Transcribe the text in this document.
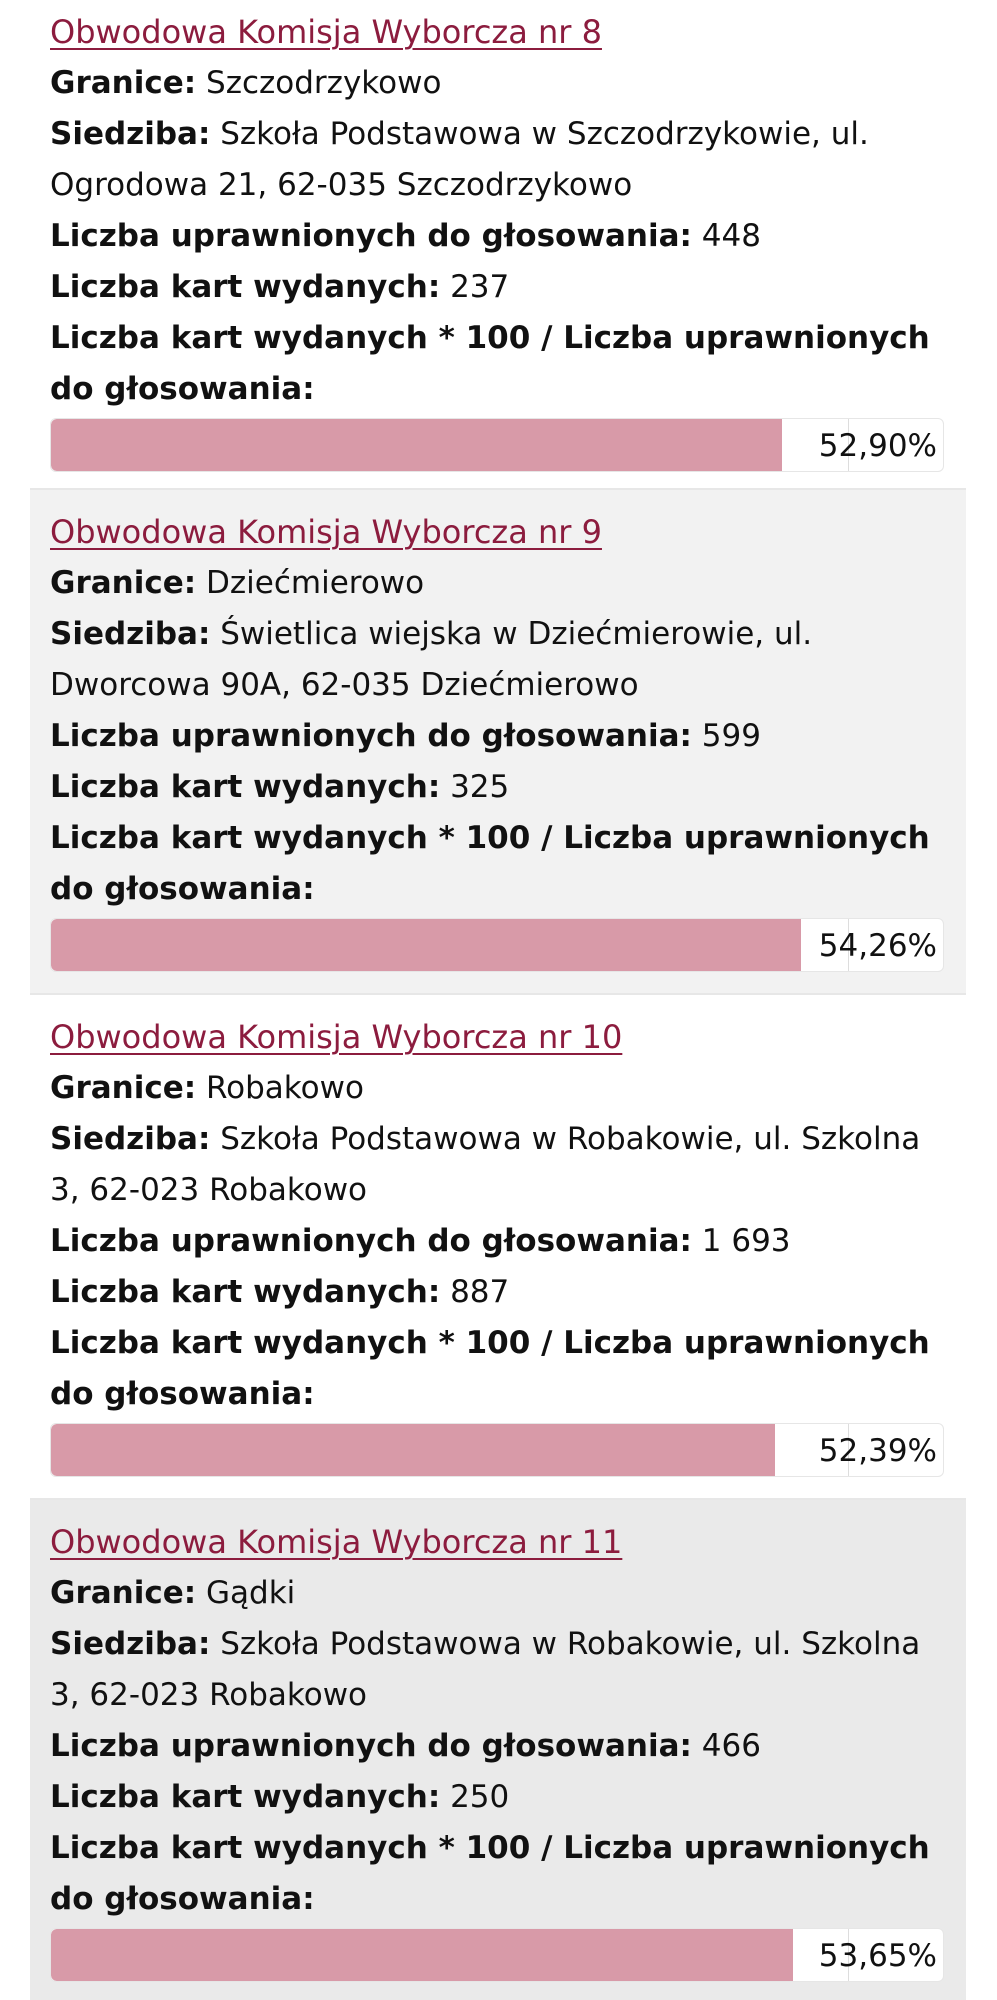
Obwodowa Komisja Wyborcza nr 8
Granice: Szczodrzykowo
Siedziba: Szkoła Podstawowa w Szczodrzykowie, ul.
Ogrodowa 21, 62-035 Szczodrzykowo
Liczba uprawnionych do głosowania: 448
Liczba kart wydanych: 237
Liczba kart wydanych * 100 / Liczba uprawnionych
do głosowania:
52,90%
Obwodowa Komisja Wyborcza nr 9
Granice: Dziećmierowo
Siedziba: Świetlica wiejska w Dziećmierowie, ul.
Dworcowa 90A, 62-035 Dziećmierowo
Liczba uprawnionych do głosowania: 599
Liczba kart wydanych: 325
Liczba kart wydanych * 100 / Liczba uprawnionych
do głosowania:
54,26%
Obwodowa Komisja Wyborcza nr 10
Granice: Robakowo
Siedziba: Szkoła Podstawowa w Robakowie, ul. Szkolna
3, 62-023 Robakowo
Liczba uprawnionych do głosowania: 1 693
Liczba kart wydanych: 887
Liczba kart wydanych * 100 / Liczba uprawnionych
do głosowania:
52,39%
Obwodowa Komisja Wyborcza nr 11
Granice: Gądki
Siedziba: Szkoła Podstawowa w Robakowie, ul. Szkolna
3, 62-023 Robakowo
Liczba uprawnionych do głosowania: 466
Liczba kart wydanych: 250
Liczba kart wydanych * 100 / Liczba uprawnionych
do głosowania:
53,65%
